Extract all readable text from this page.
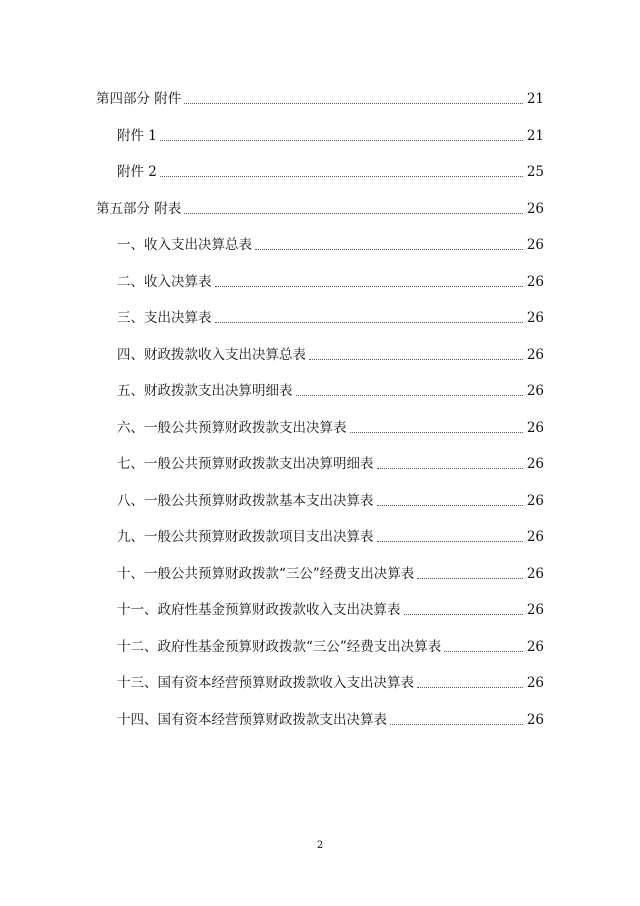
第四部分 附件	21
附件 1	21
附件 2	25
第五部分 附表	26
一、收入支出决算总表	26
二、收入决算表	26
三、支出决算表	26
四、财政拨款收入支出决算总表	26
五、财政拨款支出决算明细表	26
六、一般公共预算财政拨款支出决算表	26
七、一般公共预算财政拨款支出决算明细表	26
八、一般公共预算财政拨款基本支出决算表	26
九、一般公共预算财政拨款项目支出决算表	26
十、一般公共预算财政拨款“三公”经费支出决算表	26
十一、政府性基金预算财政拨款收入支出决算表	26
十二、政府性基金预算财政拨款“三公”经费支出决算表	26
十三、国有资本经营预算财政拨款收入支出决算表	26
十四、国有资本经营预算财政拨款支出决算表	26
2
